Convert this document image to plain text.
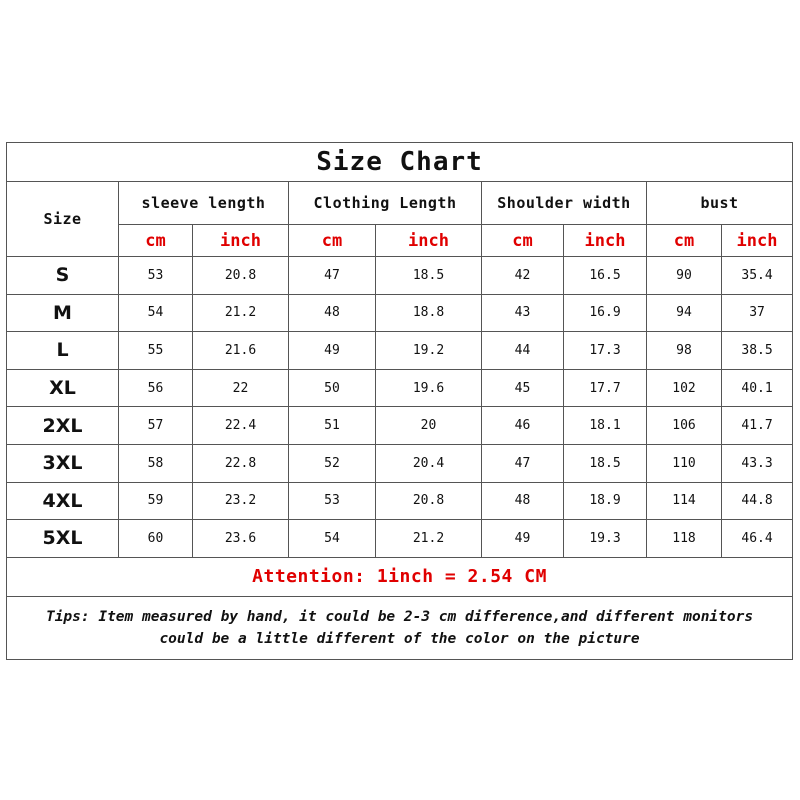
Size Chart								
Size	sleeve length		Clothing Length		Shoulder width		bust	
	cm	inch	cm	inch	cm	inch	cm	inch
S	53	20.8	47	18.5	42	16.5	90	35.4
M	54	21.2	48	18.8	43	16.9	94	37
L	55	21.6	49	19.2	44	17.3	98	38.5
XL	56	22	50	19.6	45	17.7	102	40.1
2XL	57	22.4	51	20	46	18.1	106	41.7
3XL	58	22.8	52	20.4	47	18.5	110	43.3
4XL	59	23.2	53	20.8	48	18.9	114	44.8
5XL	60	23.6	54	21.2	49	19.3	118	46.4
Attention: 1inch = 2.54 CM								

Tips: Item measured by hand, it could be 2-3 cm difference,and different monitors
could be a little different of the color on the picture								
